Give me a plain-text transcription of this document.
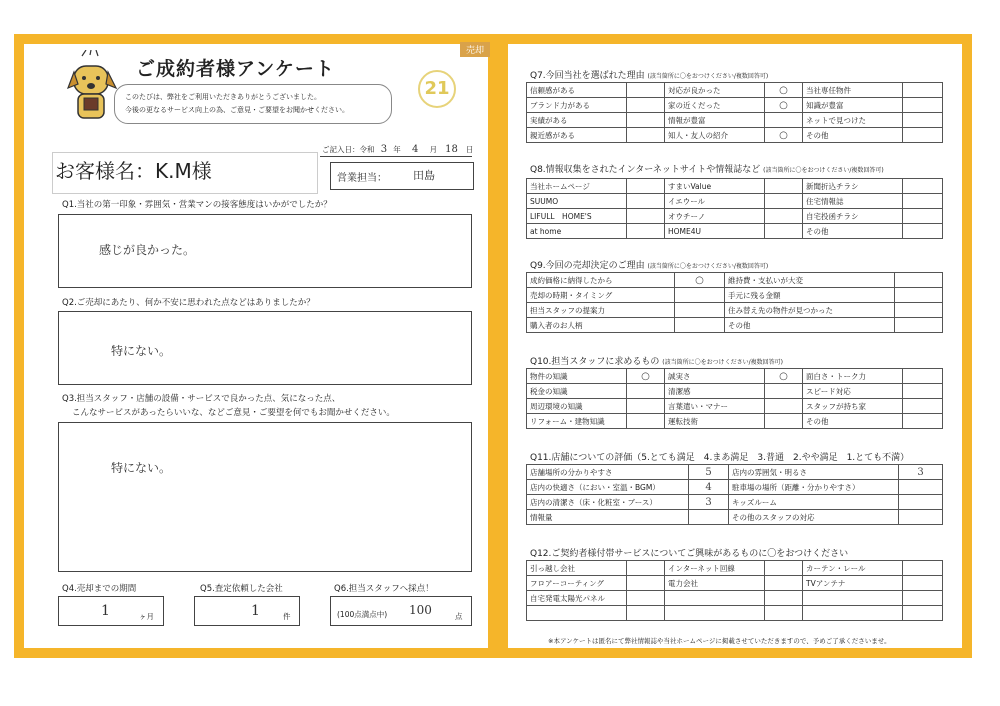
売却
ご成約者様アンケート
このたびは、弊社をご利用いただきありがとうございました。
今後の更なるサービス向上の為、ご意見・ご要望をお聞かせください。
21
ご記入日：令和 3 年 4 月 18 日
お客様名：K.M様	営業担当： 田島
Q1.当社の第一印象・雰囲気・営業マンの接客態度はいかがでしたか？
感じが良かった。
Q2.ご売却にあたり、何か不安に思われた点などはありましたか？
特にない。
Q3.担当スタッフ・店舗の設備・サービスで良かった点、気になった点、
こんなサービスがあったらいいな、などご意見・ご要望を何でもお聞かせください。
特にない。
Q4.売却までの期間
1	ヶ月
Q5.査定依頼した会社
1	件
Q6.担当スタッフへ採点！
(100点満点中) 100	点
Q7.今回当社を選ばれた理由 (該当箇所に〇をおつけください/複数回答可)
信頼感がある		対応が良かった	○	当社専任物件	
ブランド力がある		家の近くだった	○	知識が豊富	
実績がある		情報が豊富		ネットで見つけた	
親近感がある		知人・友人の紹介	○	その他	
Q8.情報収集をされたインターネットサイトや情報誌など (該当箇所に〇をおつけください/複数回答可)
当社ホームページ		すまいValue		新聞折込チラシ	
SUUMO		イエウール		住宅情報誌	
LIFULL　HOME'S		オウチーノ		自宅投函チラシ	
at home		HOME4U		その他	
Q9.今回の売却決定のご理由 (該当箇所に〇をおつけください/複数回答可)
成約価格に納得したから	○	維持費・支払いが大変	
売却の時期・タイミング		手元に残る金額	
担当スタッフの提案力		住み替え先の物件が見つかった	
購入者のお人柄		その他	
Q10.担当スタッフに求めるもの (該当箇所に〇をおつけください/複数回答可)
物件の知識	○	誠実さ	○	面白さ・トーク力	
税金の知識		清潔感		スピード対応	
周辺環境の知識		言葉遣い・マナー		スタッフが持ち家	
リフォーム・建物知識		運転技術		その他	
Q11.店舗についての評価（5.とても満足　4.まあ満足　3.普通　2.やや満足　1.とても不満）
店舗場所の分かりやすさ	5	店内の雰囲気・明るさ	3
店内の快適さ（におい・室温・BGM）	4	駐車場の場所（距離・分かりやすさ）	
店内の清潔さ（床・化粧室・ブース）	3	キッズルーム	
情報量		その他のスタッフの対応	
Q12.ご契約者様付帯サービスについてご興味があるものに〇をおつけください
引っ越し会社		インターネット回線		カーテン・レール	
フロアーコーティング		電力会社		TVアンテナ	
自宅発電太陽光パネル					

※本アンケートは匿名にて弊社情報誌や当社ホームページに掲載させていただきますので、予めご了承くださいませ。
